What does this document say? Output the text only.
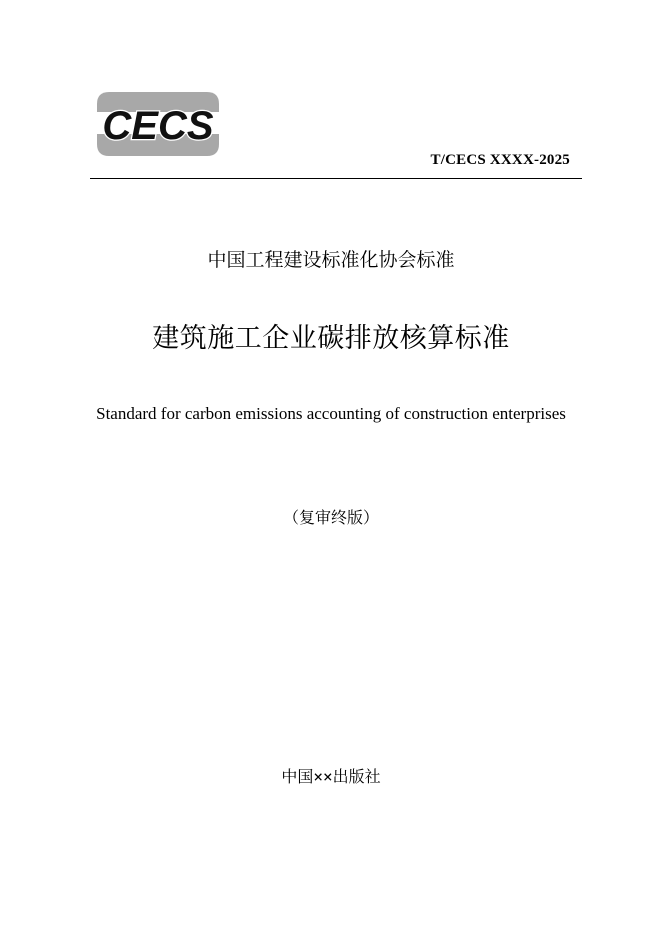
CECS
T/CECS XXXX-2025
中国工程建设标准化协会标准
建筑施工企业碳排放核算标准
Standard for carbon emissions accounting of construction enterprises
（复审终版）
中国××出版社
